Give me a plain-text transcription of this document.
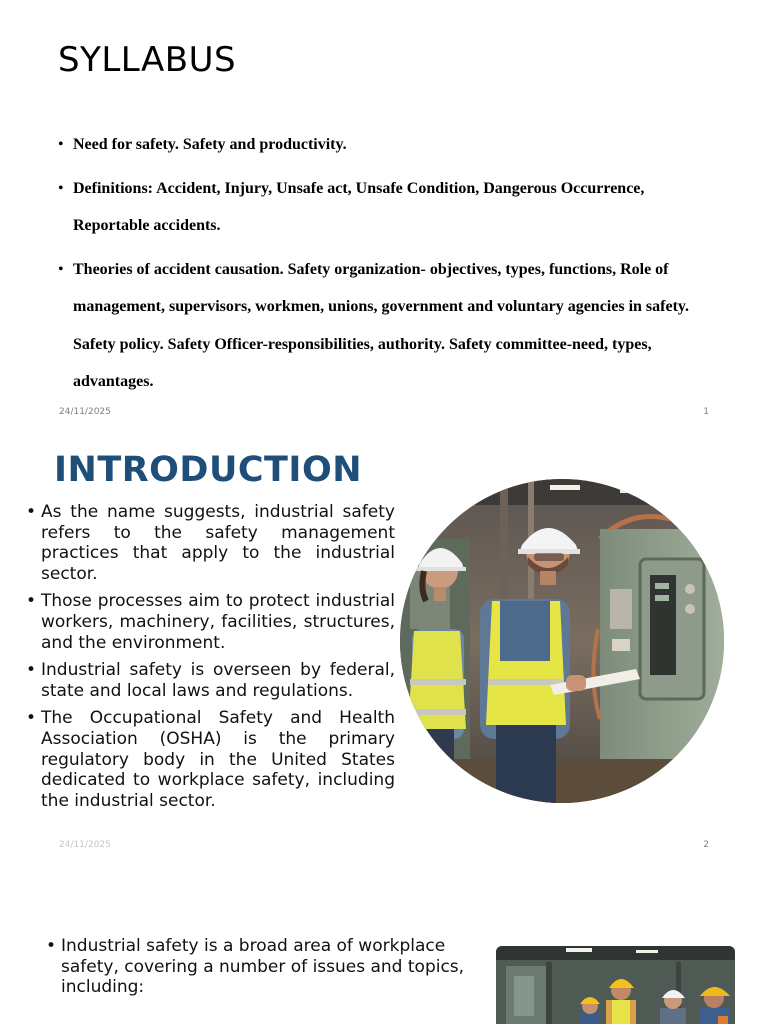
SYLLABUS
• Need for safety. Safety and productivity.
• Definitions: Accident, Injury, Unsafe act, Unsafe Condition, Dangerous Occurrence, Reportable accidents.
• Theories of accident causation. Safety organization- objectives, types, functions, Role of management, supervisors, workmen, unions, government and voluntary agencies in safety. Safety policy. Safety Officer-responsibilities, authority. Safety committee-need, types, advantages.
24/11/2025	1
INTRODUCTION
• As the name suggests, industrial safety refers to the safety management practices that apply to the industrial sector.
• Those processes aim to protect industrial workers, machinery, facilities, structures, and the environment.
• Industrial safety is overseen by federal, state and local laws and regulations.
• The Occupational Safety and Health Association (OSHA) is the primary regulatory body in the United States dedicated to workplace safety, including the industrial sector.
24/11/2025	2
• Industrial safety is a broad area of workplace safety, covering a number of issues and topics, including:
